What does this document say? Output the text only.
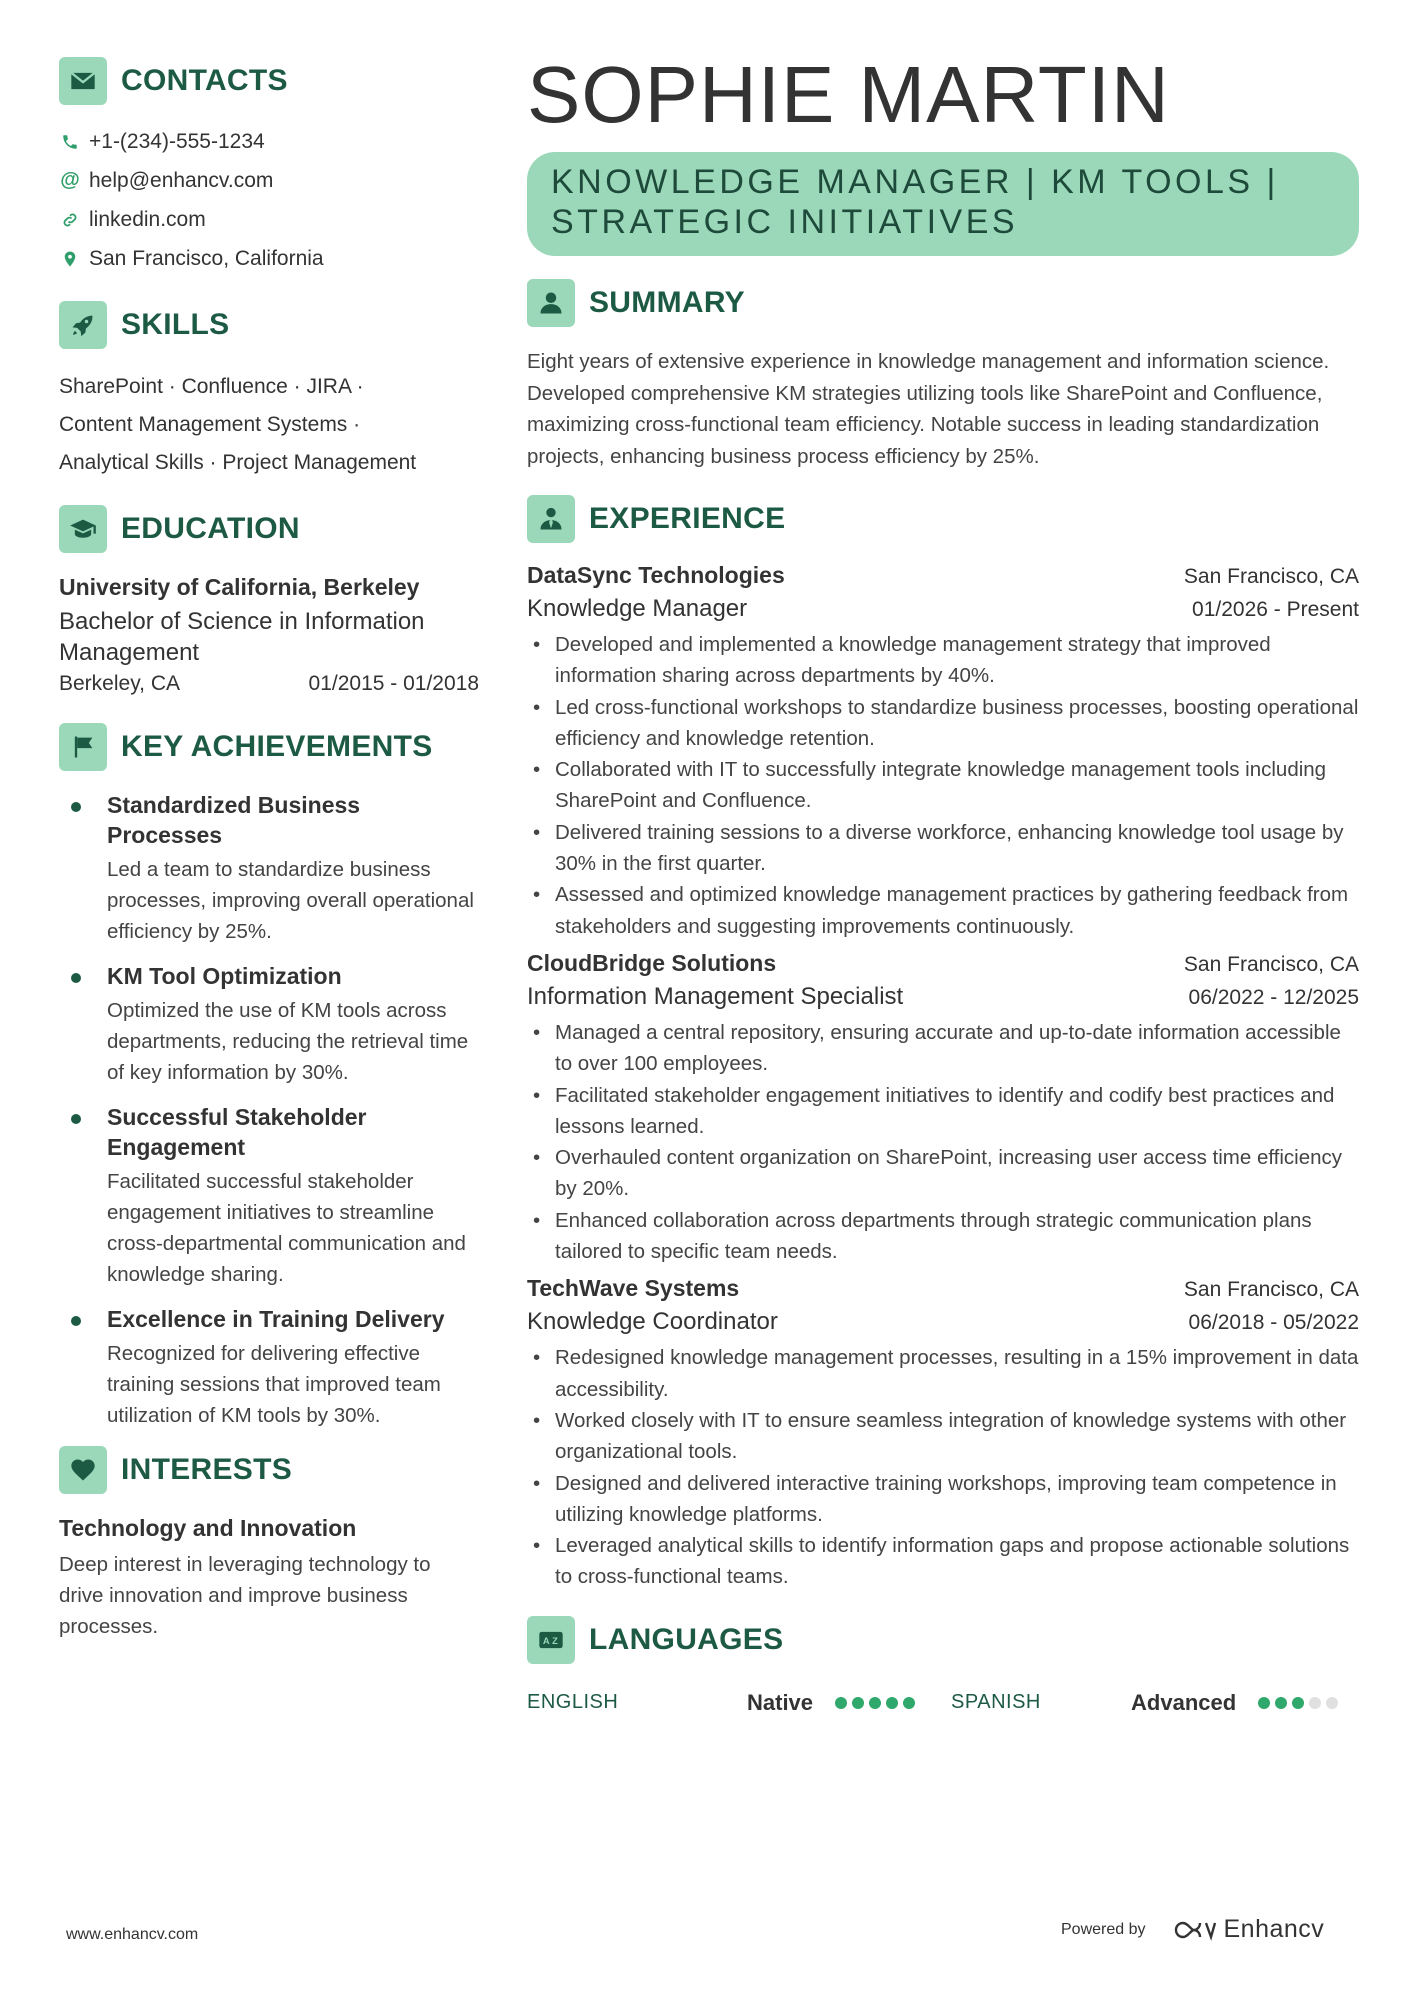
CONTACTS
+1-(234)-555-1234
@ help@enhancv.com
linkedin.com
San Francisco, California
SKILLS
SharePoint · Confluence · JIRA ·
Content Management Systems ·
Analytical Skills · Project Management
EDUCATION
University of California, Berkeley
Bachelor of Science in Information Management
Berkeley, CA	01/2015 - 01/2018
KEY ACHIEVEMENTS
Standardized Business Processes
Led a team to standardize business processes, improving overall operational efficiency by 25%.
KM Tool Optimization
Optimized the use of KM tools across departments, reducing the retrieval time of key information by 30%.
Successful Stakeholder Engagement
Facilitated successful stakeholder engagement initiatives to streamline cross-departmental communication and knowledge sharing.
Excellence in Training Delivery
Recognized for delivering effective training sessions that improved team utilization of KM tools by 30%.
INTERESTS
Technology and Innovation
Deep interest in leveraging technology to drive innovation and improve business processes.
SOPHIE MARTIN
KNOWLEDGE MANAGER | KM TOOLS | STRATEGIC INITIATIVES
SUMMARY
Eight years of extensive experience in knowledge management and information science. Developed comprehensive KM strategies utilizing tools like SharePoint and Confluence, maximizing cross-functional team efficiency. Notable success in leading standardization projects, enhancing business process efficiency by 25%.
EXPERIENCE
DataSync Technologies	San Francisco, CA
Knowledge Manager	01/2026 - Present
• Developed and implemented a knowledge management strategy that improved information sharing across departments by 40%.
• Led cross-functional workshops to standardize business processes, boosting operational efficiency and knowledge retention.
• Collaborated with IT to successfully integrate knowledge management tools including SharePoint and Confluence.
• Delivered training sessions to a diverse workforce, enhancing knowledge tool usage by 30% in the first quarter.
• Assessed and optimized knowledge management practices by gathering feedback from stakeholders and suggesting improvements continuously.
CloudBridge Solutions	San Francisco, CA
Information Management Specialist	06/2022 - 12/2025
• Managed a central repository, ensuring accurate and up-to-date information accessible to over 100 employees.
• Facilitated stakeholder engagement initiatives to identify and codify best practices and lessons learned.
• Overhauled content organization on SharePoint, increasing user access time efficiency by 20%.
• Enhanced collaboration across departments through strategic communication plans tailored to specific team needs.
TechWave Systems	San Francisco, CA
Knowledge Coordinator	06/2018 - 05/2022
• Redesigned knowledge management processes, resulting in a 15% improvement in data accessibility.
• Worked closely with IT to ensure seamless integration of knowledge systems with other organizational tools.
• Designed and delivered interactive training workshops, improving team competence in utilizing knowledge platforms.
• Leveraged analytical skills to identify information gaps and propose actionable solutions to cross-functional teams.
A Z LANGUAGES
ENGLISH	Native	SPANISH	Advanced
www.enhancv.com	Powered by	Enhancv
